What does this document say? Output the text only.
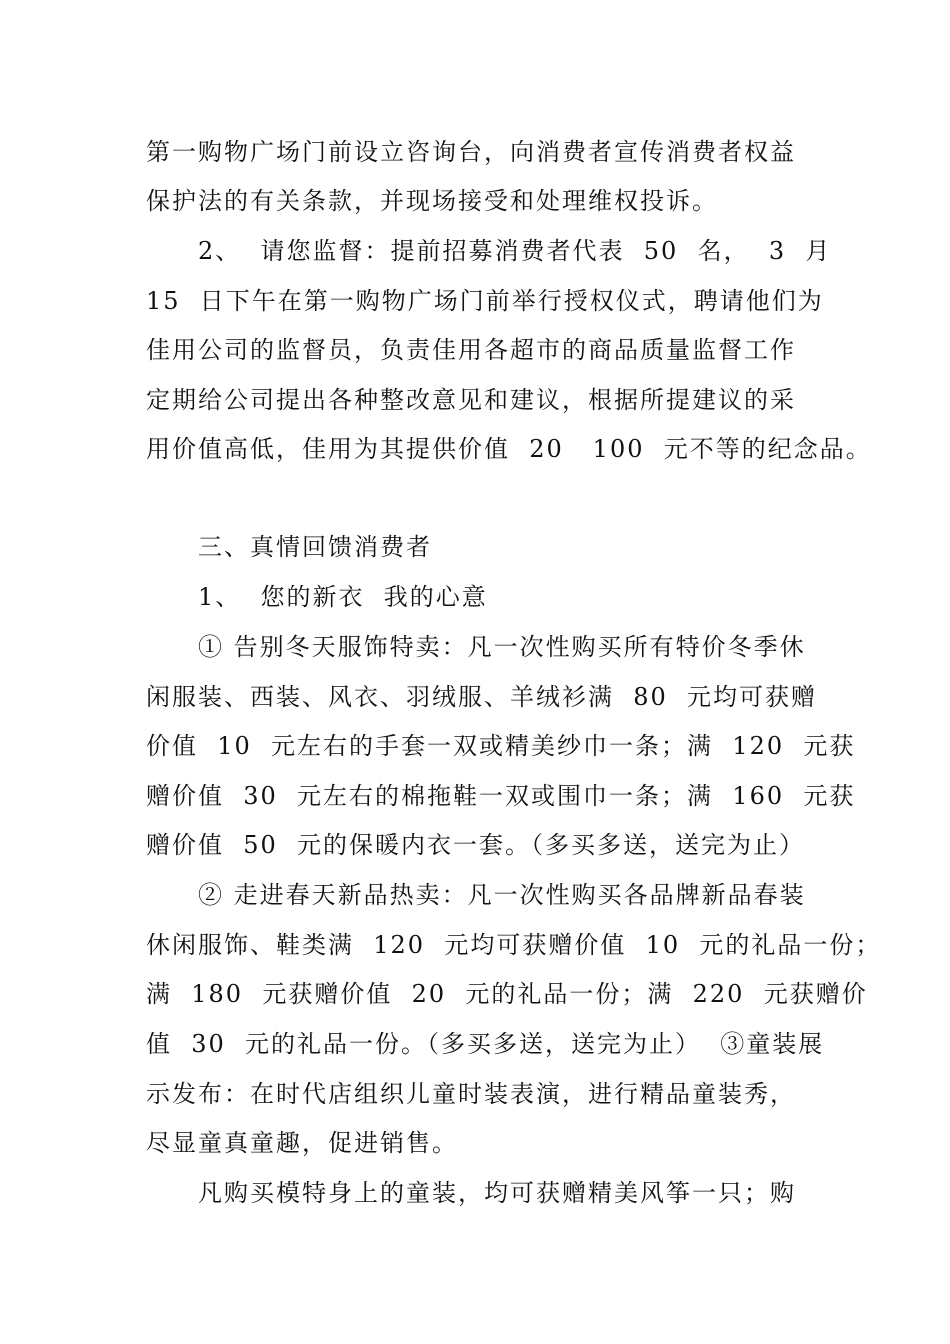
第一购物广场门前设立咨询台，向消费者宣传消费者权益
保护法的有关条款，并现场接受和处理维权投诉。
2、  请您监督：提前招募消费者代表  50  名，  3  月
15  日下午在第一购物广场门前举行授权仪式，聘请他们为
佳用公司的监督员，负责佳用各超市的商品质量监督工作
定期给公司提出各种整改意见和建议，根据所提建议的采
用价值高低，佳用为其提供价值  20   100  元不等的纪念品。
三、真情回馈消费者
1、  您的新衣  我的心意
① 告别冬天服饰特卖：凡一次性购买所有特价冬季休
闲服装、西装、风衣、羽绒服、羊绒衫满  80  元均可获赠
价值  10  元左右的手套一双或精美纱巾一条；满  120  元获
赠价值  30  元左右的棉拖鞋一双或围巾一条；满  160  元获
赠价值  50  元的保暖内衣一套。（多买多送，送完为止）
② 走进春天新品热卖：凡一次性购买各品牌新品春装
休闲服饰、鞋类满  120  元均可获赠价值  10  元的礼品一份；
满  180  元获赠价值  20  元的礼品一份；满  220  元获赠价
值  30  元的礼品一份。（多买多送，送完为止）  ③童装展
示发布：在时代店组织儿童时装表演，进行精品童装秀，
尽显童真童趣，促进销售。
凡购买模特身上的童装，均可获赠精美风筝一只；购
